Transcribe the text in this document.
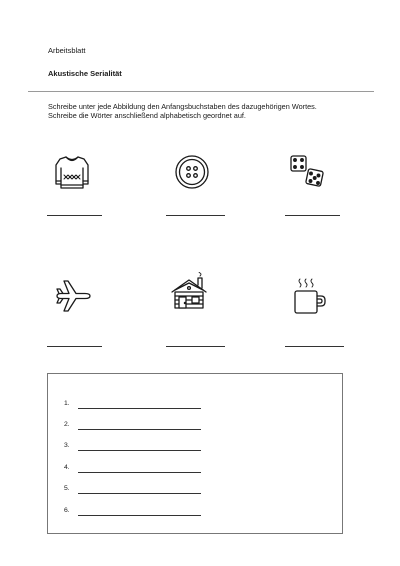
Arbeitsblatt
Akustische Serialität
Schreibe unter jede Abbildung den Anfangsbuchstaben des dazugehörigen Wortes.
Schreibe die Wörter anschließend alphabetisch geordnet auf.
1.
2.
3.
4.
5.
6.
